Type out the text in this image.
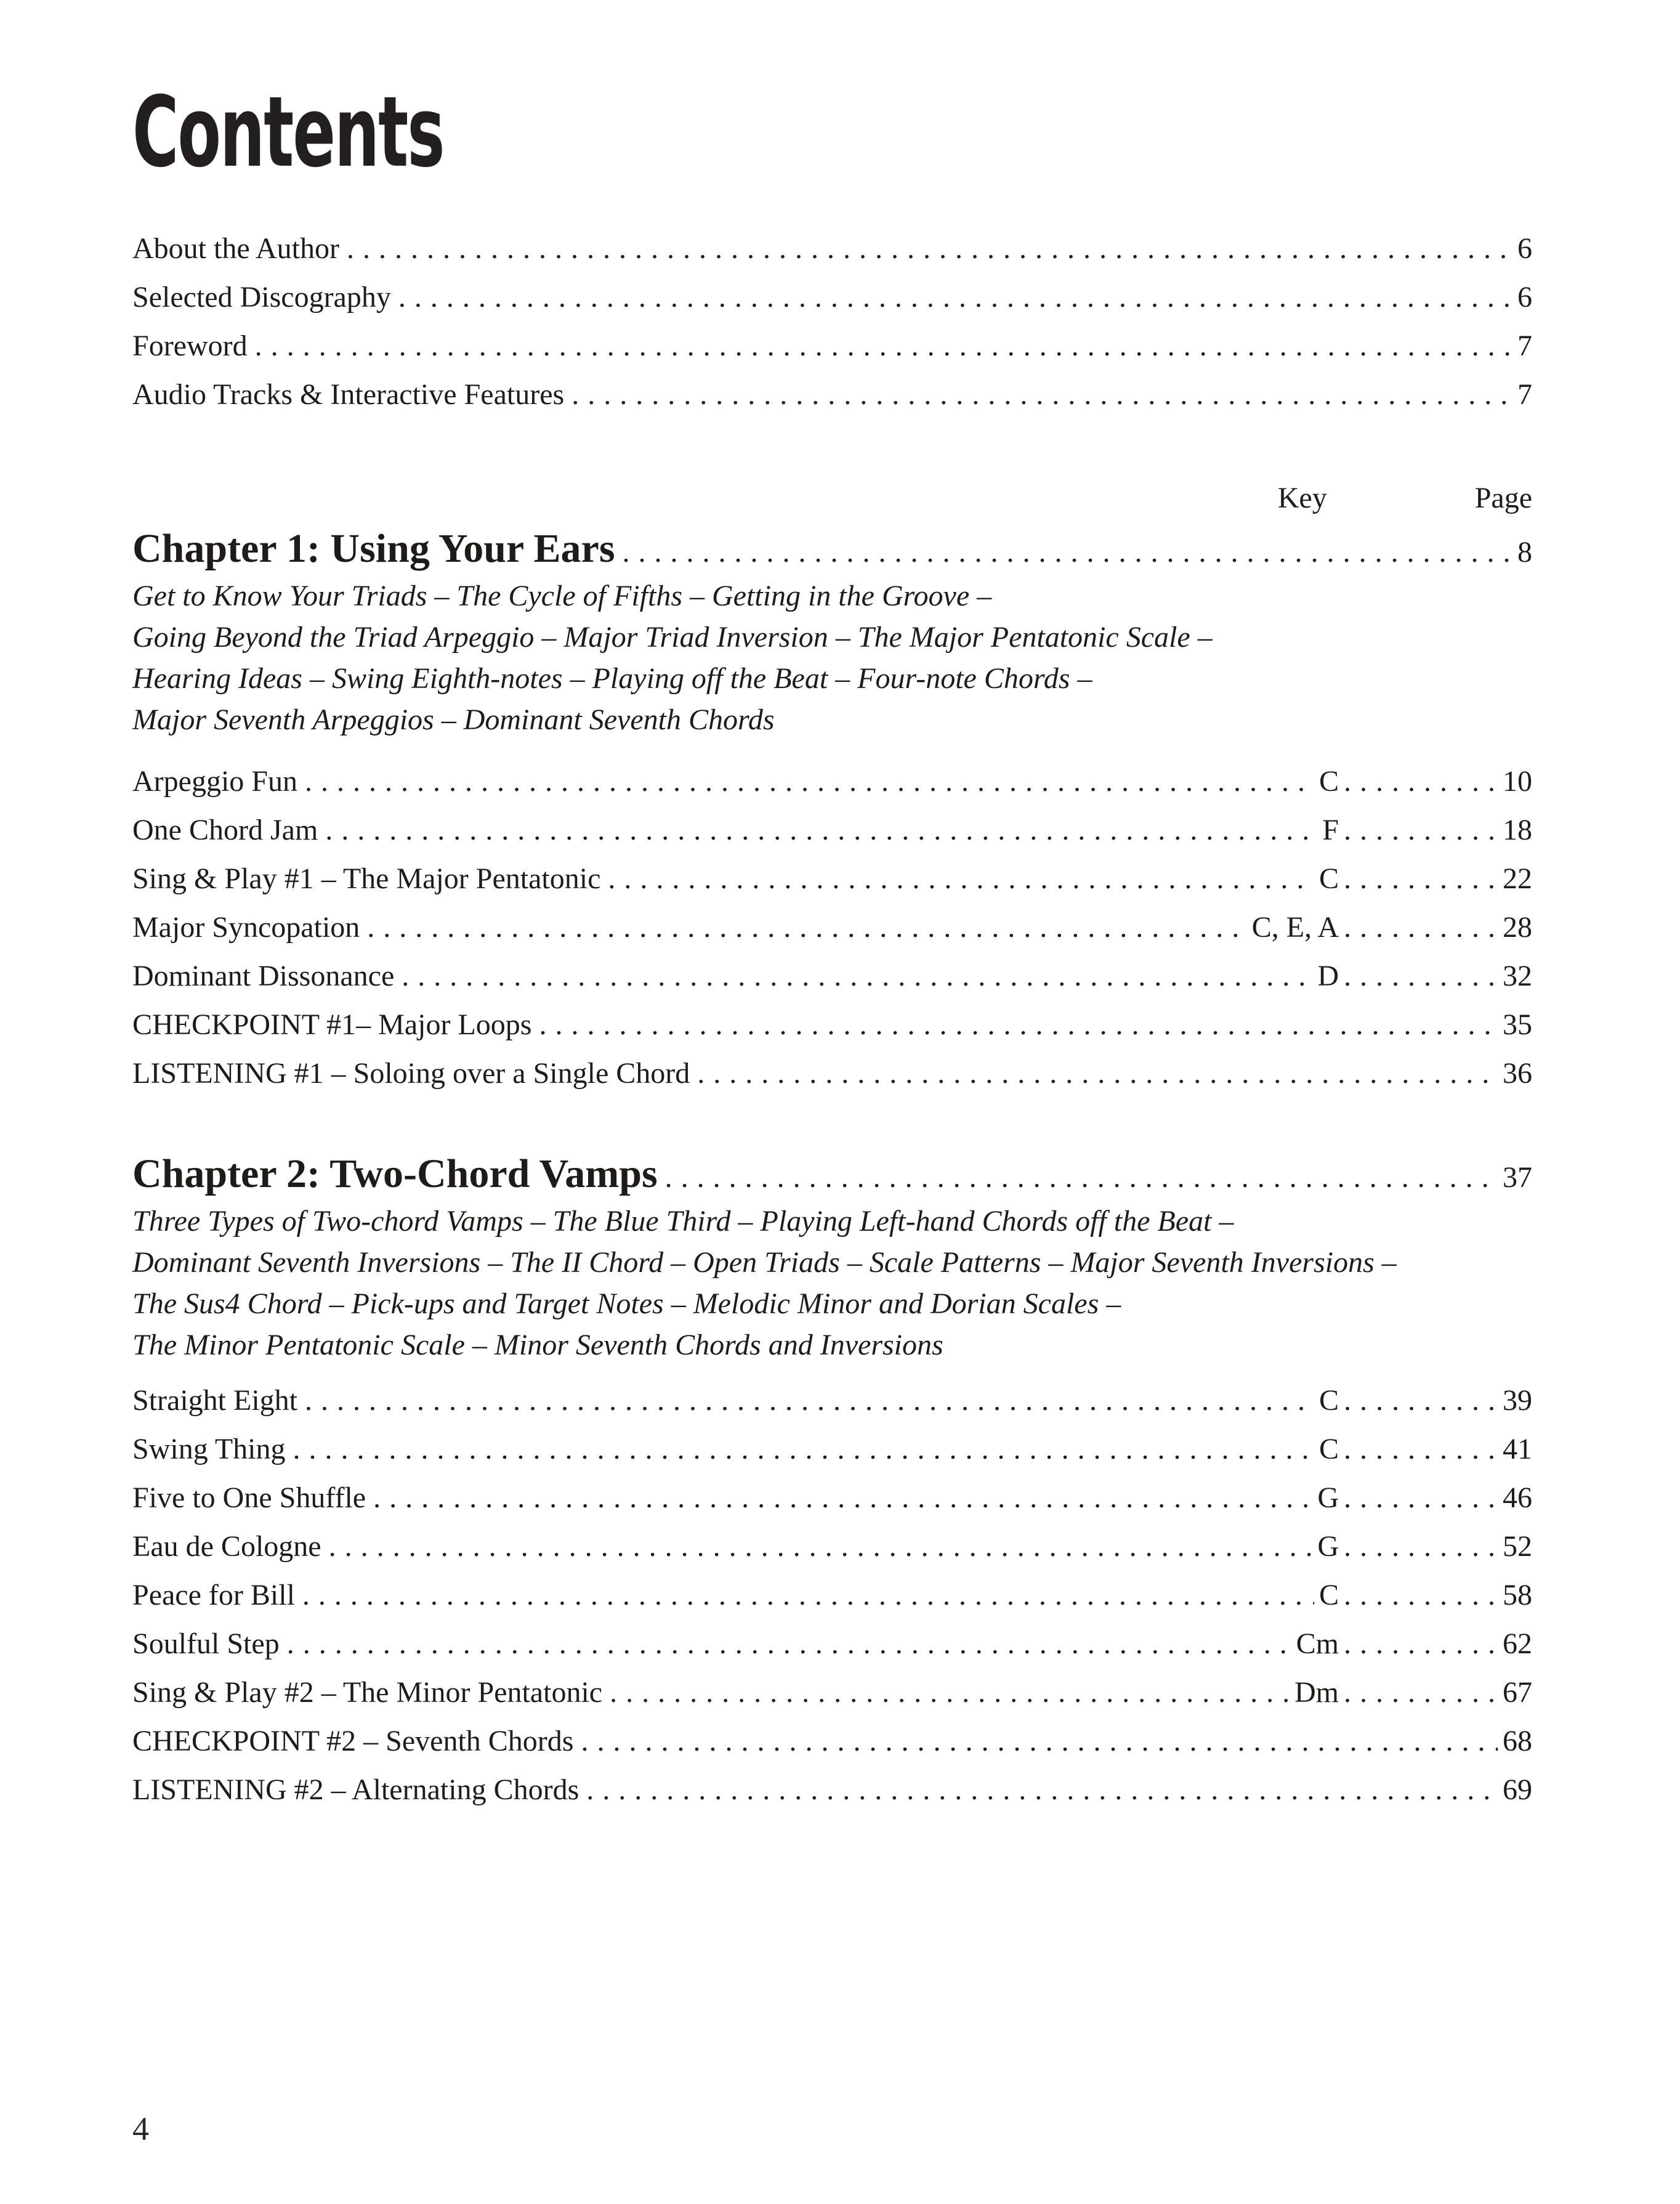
Contents
About the Author .....	6
Selected Discography .....	6
Foreword .....	7
Audio Tracks & Interactive Features .....	7
Key	Page
Chapter 1: Using Your Ears .....	8

Get to Know Your Triads – The Cycle of Fifths – Getting in the Groove –

Going Beyond the Triad Arpeggio – Major Triad Inversion – The Major Pentatonic Scale –

Hearing Ideas – Swing Eighth-notes – Playing off the Beat – Four-note Chords –

Major Seventh Arpeggios – Dominant Seventh Chords

Arpeggio Fun .....	C .....	10
One Chord Jam .....	F .....	18
Sing & Play #1 – The Major Pentatonic .....	C .....	22
Major Syncopation .....	C, E, A .....	28
Dominant Dissonance .....	D .....	32
CHECKPOINT #1– Major Loops .....	35
LISTENING #1 – Soloing over a Single Chord .....	36
Chapter 2: Two-Chord Vamps .....	37

Three Types of Two-chord Vamps – The Blue Third – Playing Left-hand Chords off the Beat –

Dominant Seventh Inversions – The II Chord – Open Triads – Scale Patterns – Major Seventh Inversions –

The Sus4 Chord – Pick-ups and Target Notes – Melodic Minor and Dorian Scales –

The Minor Pentatonic Scale – Minor Seventh Chords and Inversions

Straight Eight .....	C .....	39
Swing Thing .....	C .....	41
Five to One Shuffle .....	G .....	46
Eau de Cologne .....	G .....	52
Peace for Bill .....	C .....	58
Soulful Step .....	Cm .....	62
Sing & Play #2 – The Minor Pentatonic .....	Dm .....	67
CHECKPOINT #2 – Seventh Chords .....	68
LISTENING #2 – Alternating Chords .....	69
4
